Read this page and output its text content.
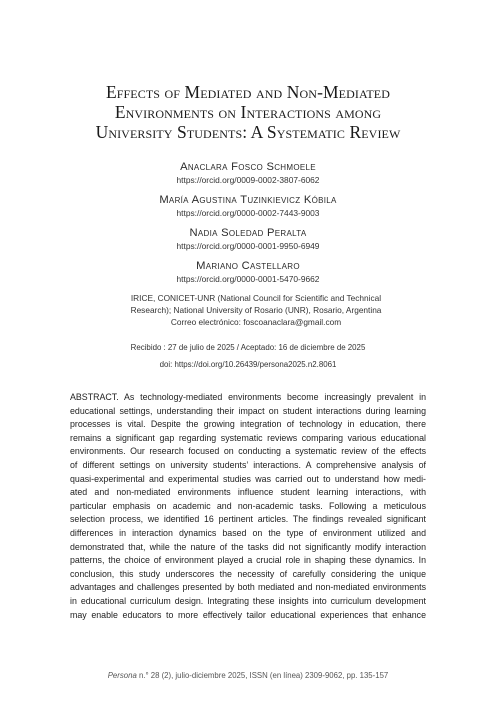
Effects of Mediated and Non-Mediated
Environments on Interactions among
University Students: A Systematic Review
Anaclara Fosco Schmoele
https://orcid.org/0009-0002-3807-6062
María Agustina Tuzinkievicz Kóbila
https://orcid.org/0000-0002-7443-9003
Nadia Soledad Peralta
https://orcid.org/0000-0001-9950-6949
Mariano Castellaro
https://orcid.org/0000-0001-5470-9662
IRICE, CONICET-UNR (National Council for Scientific and Technical
Research); National University of Rosario (UNR), Rosario, Argentina
Correo electrónico: foscoanaclara@gmail.com
Recibido : 27 de julio de 2025 / Aceptado: 16 de diciembre de 2025
doi: https://doi.org/10.26439/persona2025.n2.8061
ABSTRACT. As technology-mediated environments become increasingly prevalent in
educational settings, understanding their impact on student interactions during learning
processes is vital. Despite the growing integration of technology in education, there
remains a significant gap regarding systematic reviews comparing various educational
environments. Our research focused on conducting a systematic review of the effects
of different settings on university students’ interactions. A comprehensive analysis of
quasi-experimental and experimental studies was carried out to understand how medi-
ated and non-mediated environments influence student learning interactions, with
particular emphasis on academic and non-academic tasks. Following a meticulous
selection process, we identified 16 pertinent articles. The findings revealed significant
differences in interaction dynamics based on the type of environment utilized and
demonstrated that, while the nature of the tasks did not significantly modify interaction
patterns, the choice of environment played a crucial role in shaping these dynamics. In
conclusion, this study underscores the necessity of carefully considering the unique
advantages and challenges presented by both mediated and non-mediated environments
in educational curriculum design. Integrating these insights into curriculum development
may enable educators to more effectively tailor educational experiences that enhance
Persona n.° 28 (2), julio-diciembre 2025, ISSN (en línea) 2309-9062, pp. 135-157
